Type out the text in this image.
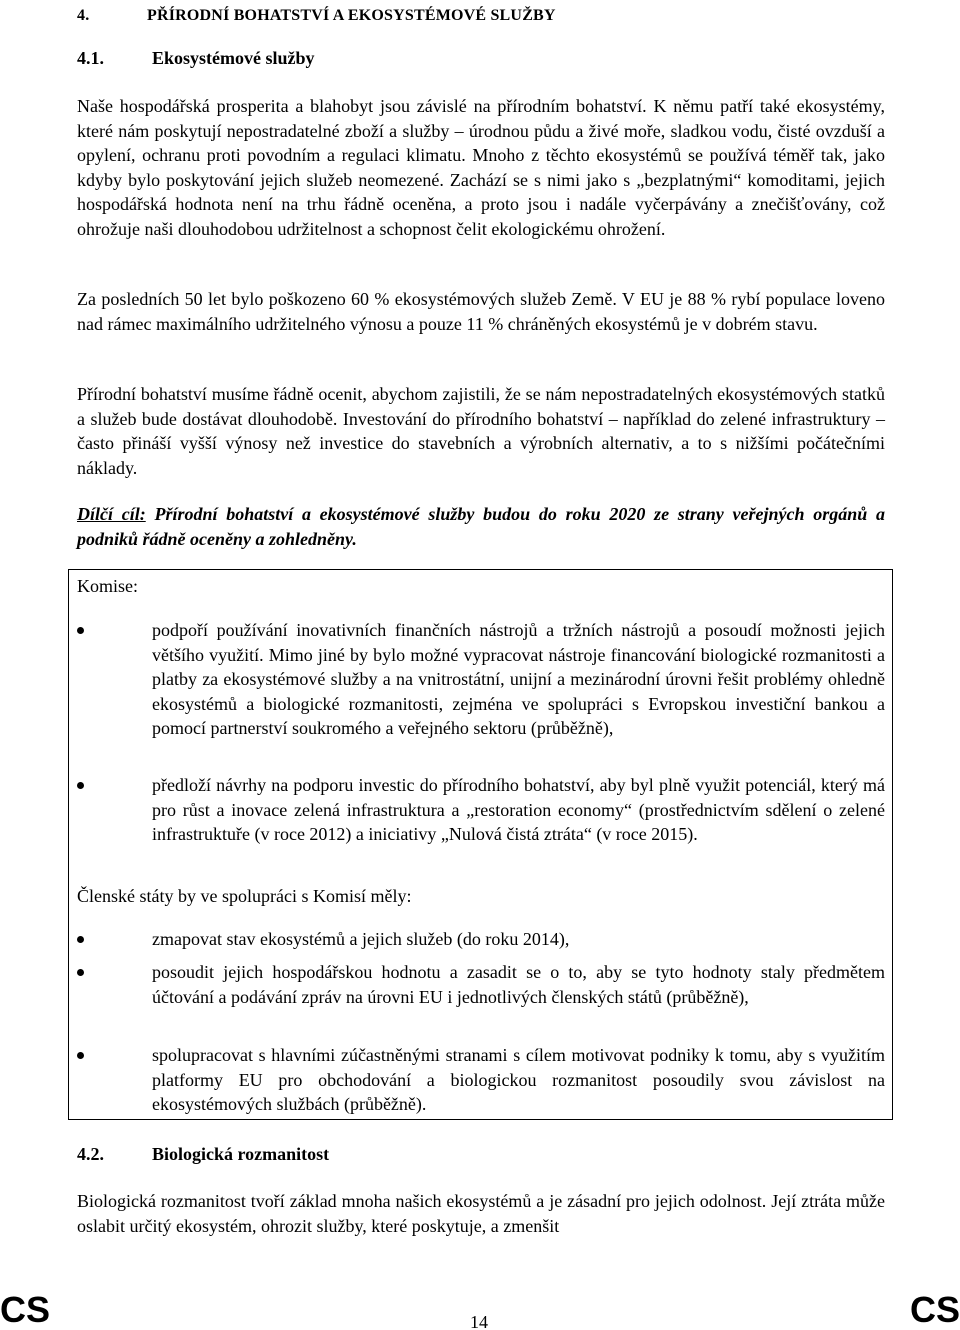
4.	PŘÍRODNÍ BOHATSTVÍ A EKOSYSTÉMOVÉ SLUŽBY
4.1.	Ekosystémové služby

Naše hospodářská prosperita a blahobyt jsou závislé na přírodním bohatství. K němu patří také ekosystémy, které nám poskytují nepostradatelné zboží a služby – úrodnou půdu a živé moře, sladkou vodu, čisté ovzduší a opylení, ochranu proti povodním a regulaci klimatu. Mnoho z těchto ekosystémů se používá téměř tak, jako kdyby bylo poskytování jejich služeb neomezené. Zachází se s nimi jako s „bezplatnými“ komoditami, jejich hospodářská hodnota není na trhu řádně oceněna, a proto jsou i nadále vyčerpávány a znečišťovány, což ohrožuje naši dlouhodobou udržitelnost a schopnost čelit ekologickému ohrožení.

Za posledních 50 let bylo poškozeno 60 % ekosystémových služeb Země. V EU je 88 % rybí populace loveno nad rámec maximálního udržitelného výnosu a pouze 11 % chráněných ekosystémů je v dobrém stavu.

Přírodní bohatství musíme řádně ocenit, abychom zajistili, že se nám nepostradatelných ekosystémových statků a služeb bude dostávat dlouhodobě. Investování do přírodního bohatství – například do zelené infrastruktury – často přináší vyšší výnosy než investice do stavebních a výrobních alternativ, a to s nižšími počátečními náklady.

Dílčí cíl: Přírodní bohatství a ekosystémové služby budou do roku 2020 ze strany veřejných orgánů a podniků řádně oceněny a zohledněny.

Komise:
podpoří používání inovativních finančních nástrojů a tržních nástrojů a posoudí možnosti jejich většího využití. Mimo jiné by bylo možné vypracovat nástroje financování biologické rozmanitosti a platby za ekosystémové služby a na vnitrostátní, unijní a mezinárodní úrovni řešit problémy ohledně ekosystémů a biologické rozmanitosti, zejména ve spolupráci s Evropskou investiční bankou a pomocí partnerství soukromého a veřejného sektoru (průběžně),
předloží návrhy na podporu investic do přírodního bohatství, aby byl plně využit potenciál, který má pro růst a inovace zelená infrastruktura a „restoration economy“ (prostřednictvím sdělení o zelené infrastruktuře (v roce 2012) a iniciativy „Nulová čistá ztráta“ (v roce 2015).
Členské státy by ve spolupráci s Komisí měly:
zmapovat stav ekosystémů a jejich služeb (do roku 2014),
posoudit jejich hospodářskou hodnotu a zasadit se o to, aby se tyto hodnoty staly předmětem účtování a podávání zpráv na úrovni EU i jednotlivých členských států (průběžně),
spolupracovat s hlavními zúčastněnými stranami s cílem motivovat podniky k tomu, aby s využitím platformy EU pro obchodování a biologickou rozmanitost posoudily svou závislost na ekosystémových službách (průběžně).
4.2.	Biologická rozmanitost

Biologická rozmanitost tvoří základ mnoha našich ekosystémů a je zásadní pro jejich odolnost. Její ztráta může oslabit určitý ekosystém, ohrozit služby, které poskytuje, a zmenšit

CS	14	CS
